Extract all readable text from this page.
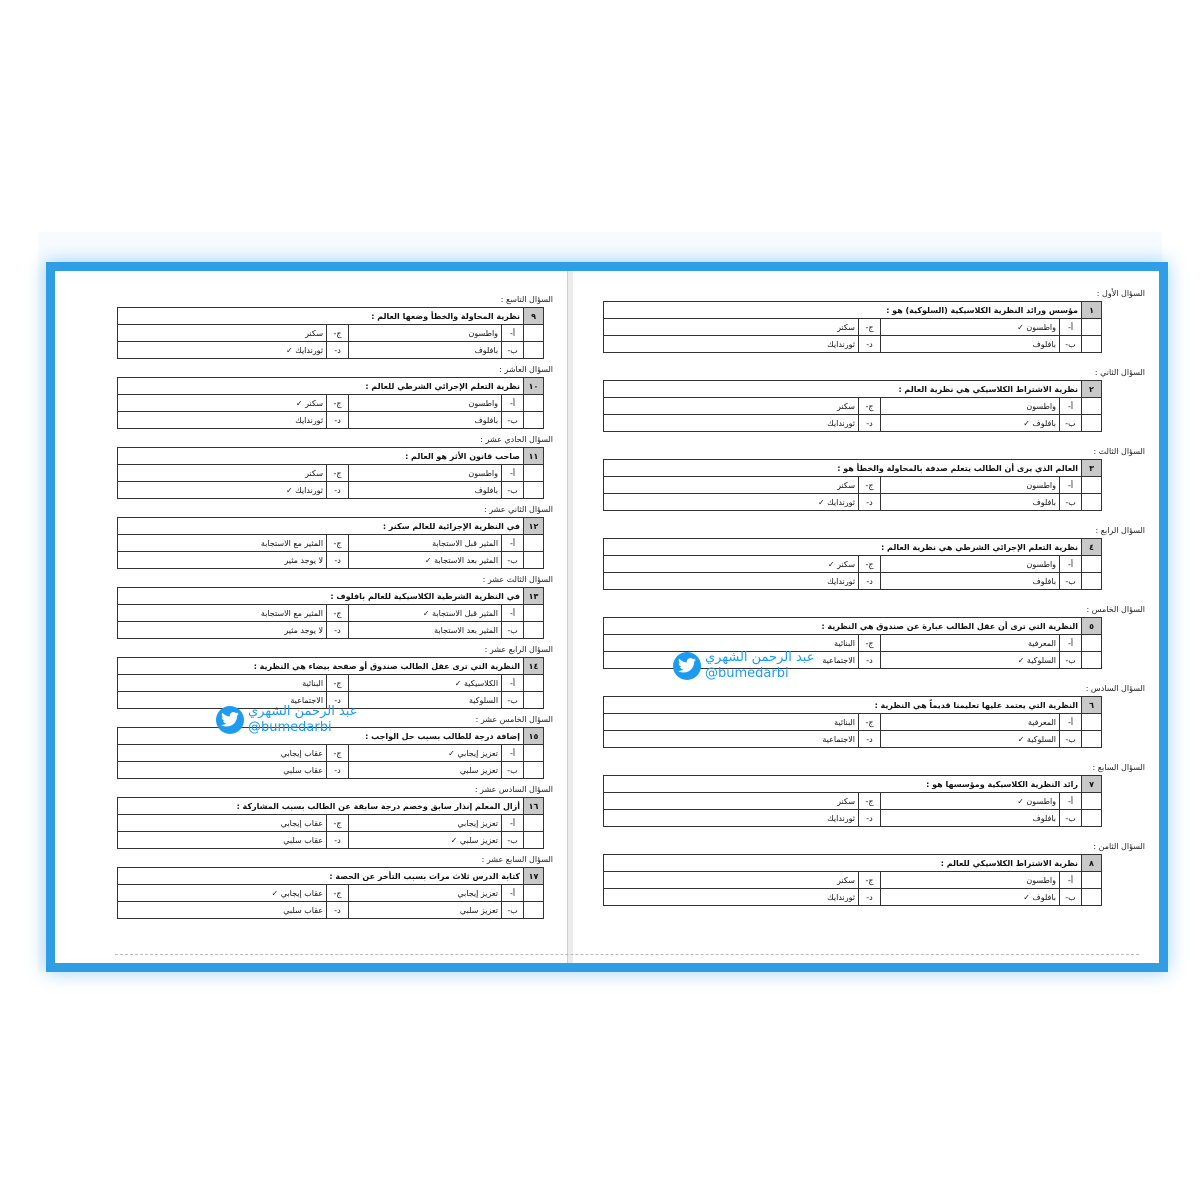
السؤال التاسع :
٩	نظرية المحاولة والخطأ وضعها العالم :			
	أ-	واطسون	ج-	سكنر
	ب-	بافلوف	د-	ثورندايك ✓
السؤال العاشر :
١٠	نظرية التعلم الإجرائي الشرطي للعالم :			
	أ-	واطسون	ج-	سكنر ✓
	ب-	بافلوف	د-	ثورندايك
السؤال الحادي عشر :
١١	صاحب قانون الأثر هو العالم :			
	أ-	واطسون	ج-	سكنر
	ب-	بافلوف	د-	ثورندايك ✓
السؤال الثاني عشر :
١٢	في النظرية الإجرائية للعالم سكنر :			
	أ-	المثير قبل الاستجابة	ج-	المثير مع الاستجابة
	ب-	المثير بعد الاستجابة ✓	د-	لا يوجد مثير
السؤال الثالث عشر :
١٣	في النظرية الشرطية الكلاسيكية للعالم بافلوف :			
	أ-	المثير قبل الاستجابة ✓	ج-	المثير مع الاستجابة
	ب-	المثير بعد الاستجابة	د-	لا يوجد مثير
السؤال الرابع عشر :
١٤	النظرية التي ترى عقل الطالب صندوق أو صفحة بيضاء هي النظرية :			
	أ-	الكلاسيكية ✓	ج-	البنائية
	ب-	السلوكية	د-	الاجتماعية
السؤال الخامس عشر :
١٥	إضافة درجة للطالب بسبب حل الواجب :			
	أ-	تعزيز إيجابي ✓	ج-	عقاب إيجابي
	ب-	تعزيز سلبي	د-	عقاب سلبي
السؤال السادس عشر :
١٦	أزال المعلم إنذار سابق وخصم درجة سابقة عن الطالب بسبب المشاركة :			
	أ-	تعزيز إيجابي	ج-	عقاب إيجابي
	ب-	تعزيز سلبي ✓	د-	عقاب سلبي
السؤال السابع عشر :
١٧	كتابة الدرس ثلاث مرات بسبب التأخر عن الحصة :			
	أ-	تعزيز إيجابي	ج-	عقاب إيجابي ✓
	ب-	تعزيز سلبي	د-	عقاب سلبي
السؤال الأول :
١	مؤسس ورائد النظرية الكلاسيكية (السلوكية) هو :			
	أ-	واطسون ✓	ج-	سكنر
	ب-	بافلوف	د-	ثورندايك
السؤال الثاني :
٢	نظرية الاشتراط الكلاسيكي هي نظرية العالم :			
	أ-	واطسون	ج-	سكنر
	ب-	بافلوف ✓	د-	ثورندايك
السؤال الثالث :
٣	العالم الذي يرى أن الطالب يتعلم صدفة بالمحاولة والخطأ هو :			
	أ-	واطسون	ج-	سكنر
	ب-	بافلوف	د-	ثورندايك ✓
السؤال الرابع :
٤	نظرية التعلم الإجرائي الشرطي هي نظرية العالم :			
	أ-	واطسون	ج-	سكنر ✓
	ب-	بافلوف	د-	ثورندايك
السؤال الخامس :
٥	النظرية التي ترى أن عقل الطالب عبارة عن صندوق هي النظرية :			
	أ-	المعرفية	ج-	البنائية
	ب-	السلوكية ✓	د-	الاجتماعية
السؤال السادس :
٦	النظرية التي يعتمد عليها تعليمنا قديماً هي النظرية :			
	أ-	المعرفية	ج-	البنائية
	ب-	السلوكية ✓	د-	الاجتماعية
السؤال السابع :
٧	رائد النظرية الكلاسيكية ومؤسسها هو :			
	أ-	واطسون ✓	ج-	سكنر
	ب-	بافلوف	د-	ثورندايك
السؤال الثامن :
٨	نظرية الاشتراط الكلاسيكي للعالم :			
	أ-	واطسون	ج-	سكنر
	ب-	بافلوف ✓	د-	ثورندايك
عبد الرحمن الشهري
@bumedarbi
عبد الرحمن الشهري
@bumedarbi
